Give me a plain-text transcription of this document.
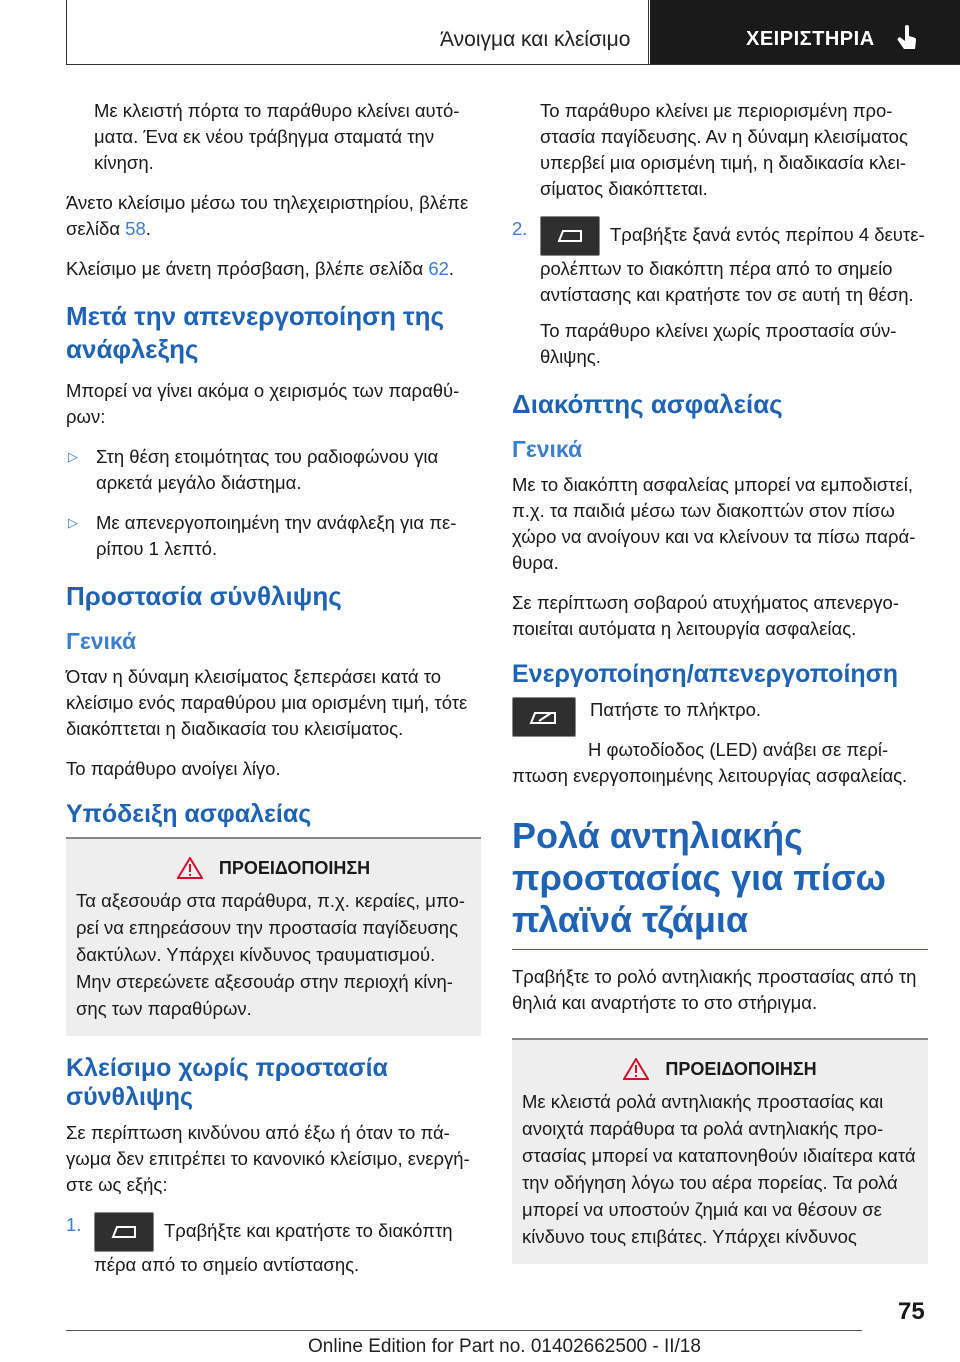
Άνοιγμα και κλείσιμο	ΧΕΙΡΙΣΤΗΡΙΑ

Με κλειστή πόρτα το παράθυρο κλείνει αυτό-ματα. Ένα εκ νέου τράβηγμα σταματά την κίνηση.

Άνετο κλείσιμο μέσω του τηλεχειριστηρίου, βλέπε σελίδα 58.

Κλείσιμο με άνετη πρόσβαση, βλέπε σελίδα 62.

Μετά την απενεργοποίηση της ανάφλεξης

Μπορεί να γίνει ακόμα ο χειρισμός των παραθύ-ρων:

▷ Στη θέση ετοιμότητας του ραδιοφώνου για αρκετά μεγάλο διάστημα.
▷ Με απενεργοποιημένη την ανάφλεξη για πε-ρίπου 1 λεπτό.
Προστασία σύνθλιψης
Γενικά

Όταν η δύναμη κλεισίματος ξεπεράσει κατά το κλείσιμο ενός παραθύρου μια ορισμένη τιμή, τότε διακόπτεται η διαδικασία του κλεισίματος.

Το παράθυρο ανοίγει λίγο.

Υπόδειξη ασφαλείας
ΠΡΟΕΙΔΟΠΟΙΗΣΗ

Τα αξεσουάρ στα παράθυρα, π.χ. κεραίες, μπο-ρεί να επηρεάσουν την προστασία παγίδευσης δακτύλων. Υπάρχει κίνδυνος τραυματισμού. Μην στερεώνετε αξεσουάρ στην περιοχή κίνη-σης των παραθύρων.

Κλείσιμο χωρίς προστασία σύνθλιψης

Σε περίπτωση κινδύνου από έξω ή όταν το πά-γωμα δεν επιτρέπει το κανονικό κλείσιμο, ενεργή-στε ως εξής:

1.	Τραβήξτε και κρατήστε το διακόπτη πέρα από το σημείο αντίστασης.

Το παράθυρο κλείνει με περιορισμένη προ-στασία παγίδευσης. Αν η δύναμη κλεισίματος υπερβεί μια ορισμένη τιμή, η διαδικασία κλει-σίματος διακόπτεται.

2.	Τραβήξτε ξανά εντός περίπου 4 δευτε-ρολέπτων το διακόπτη πέρα από το σημείο αντίστασης και κρατήστε τον σε αυτή τη θέση.

Το παράθυρο κλείνει χωρίς προστασία σύν-θλιψης.

Διακόπτης ασφαλείας
Γενικά

Με το διακόπτη ασφαλείας μπορεί να εμποδιστεί, π.χ. τα παιδιά μέσω των διακοπτών στον πίσω χώρο να ανοίγουν και να κλείνουν τα πίσω παρά-θυρα.

Σε περίπτωση σοβαρού ατυχήματος απενεργο-ποιείται αυτόματα η λειτουργία ασφαλείας.

Ενεργοποίηση/απενεργοποίηση

Πατήστε το πλήκτρο.

Η φωτοδίοδος (LED) ανάβει σε περί-πτωση ενεργοποιημένης λειτουργίας ασφαλείας.

Ρολά αντηλιακής προστασίας για πίσω πλαϊνά τζάμια

Τραβήξτε το ρολό αντηλιακής προστασίας από τη θηλιά και αναρτήστε το στο στήριγμα.

ΠΡΟΕΙΔΟΠΟΙΗΣΗ

Με κλειστά ρολά αντηλιακής προστασίας και ανοιχτά παράθυρα τα ρολά αντηλιακής προ-στασίας μπορεί να καταπονηθούν ιδιαίτερα κατά την οδήγηση λόγω του αέρα πορείας. Τα ρολά μπορεί να υποστούν ζημιά και να θέσουν σε κίνδυνο τους επιβάτες. Υπάρχει κίνδυνος

75
Online Edition for Part no. 01402662500 - II/18
